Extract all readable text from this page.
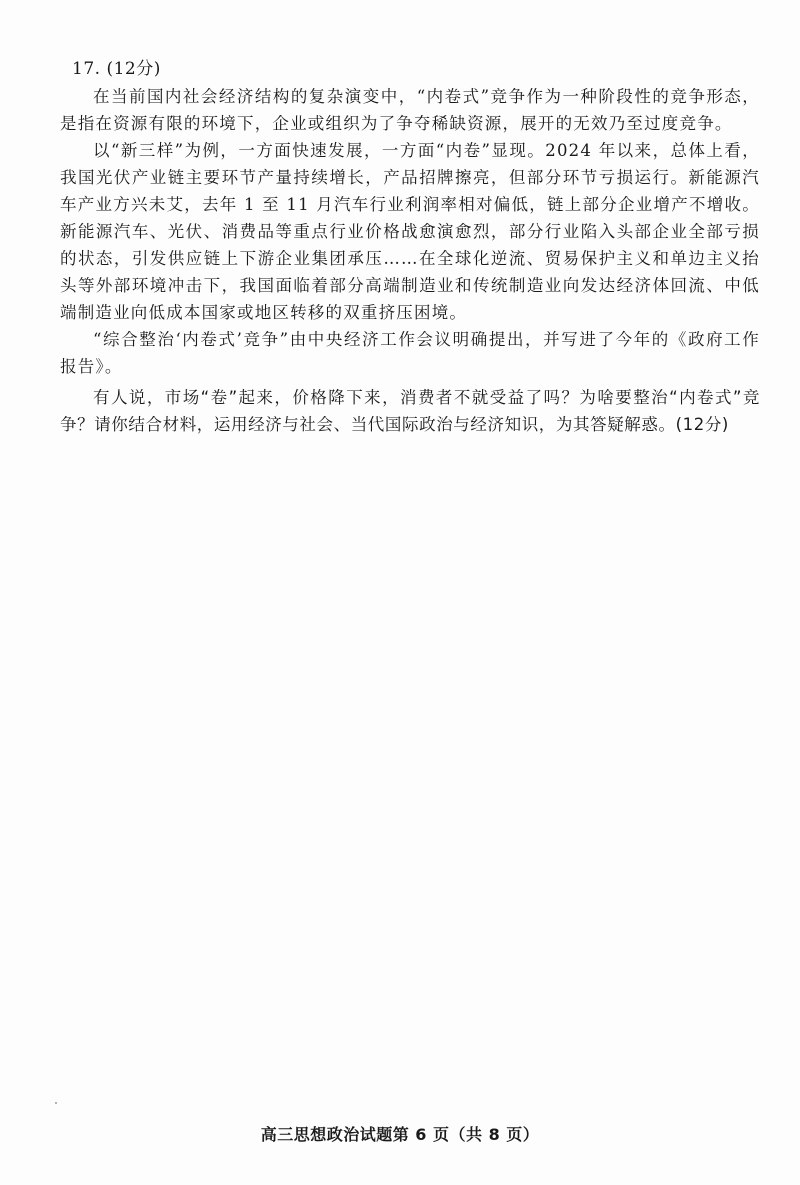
17. (12分)

在当前国内社会经济结构的复杂演变中，“内卷式”竞争作为一种阶段性的竞争形态，是指在资源有限的环境下，企业或组织为了争夺稀缺资源，展开的无效乃至过度竞争。

以“新三样”为例，一方面快速发展，一方面“内卷”显现。2024 年以来，总体上看，我国光伏产业链主要环节产量持续增长，产品招牌擦亮，但部分环节亏损运行。新能源汽车产业方兴未艾，去年 1 至 11 月汽车行业利润率相对偏低，链上部分企业增产不增收。新能源汽车、光伏、消费品等重点行业价格战愈演愈烈，部分行业陷入头部企业全部亏损的状态，引发供应链上下游企业集团承压……在全球化逆流、贸易保护主义和单边主义抬头等外部环境冲击下，我国面临着部分高端制造业和传统制造业向发达经济体回流、中低端制造业向低成本国家或地区转移的双重挤压困境。

“综合整治‘内卷式’竞争”由中央经济工作会议明确提出，并写进了今年的《政府工作报告》。

有人说，市场“卷”起来，价格降下来，消费者不就受益了吗？为啥要整治“内卷式”竞争？请你结合材料，运用经济与社会、当代国际政治与经济知识，为其答疑解惑。(12分)

高三思想政治试题第 6 页（共 8 页）
